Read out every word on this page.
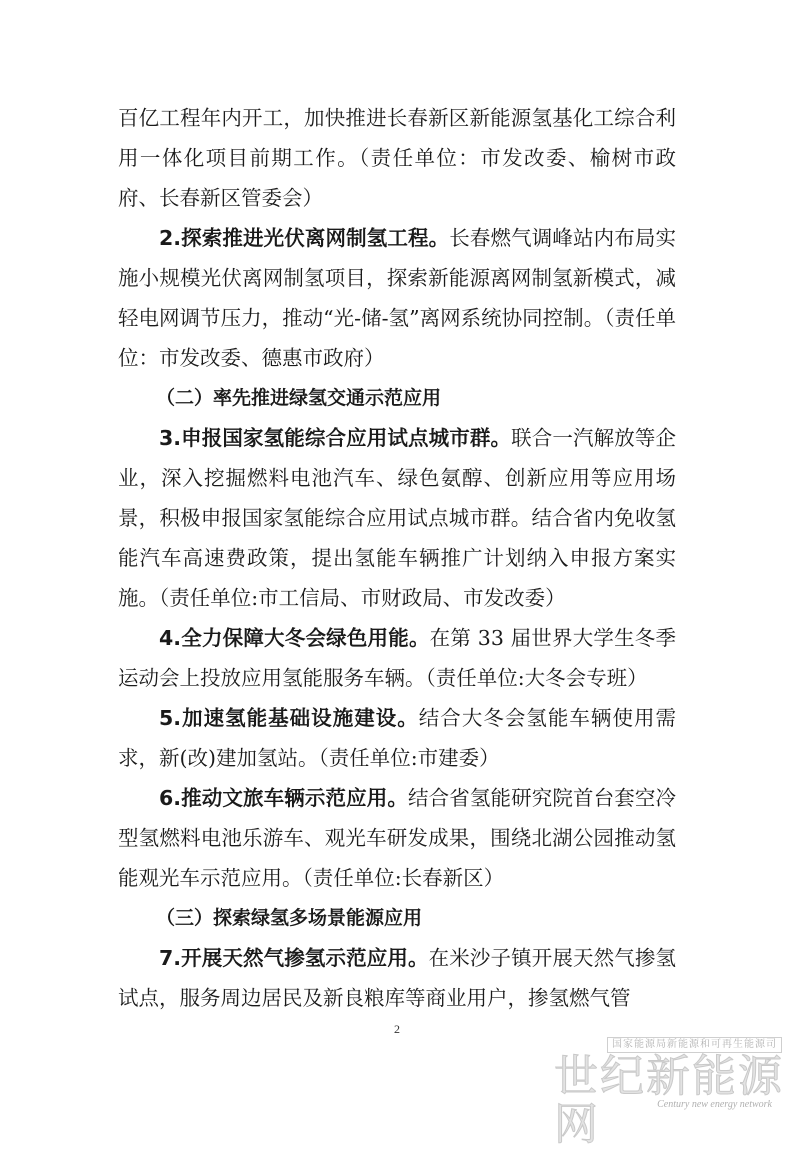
百亿工程年内开工，加快推进长春新区新能源氢基化工综合利用一体化项目前期工作。（责任单位：市发改委、榆树市政府、长春新区管委会）

2.探索推进光伏离网制氢工程。长春燃气调峰站内布局实施小规模光伏离网制氢项目，探索新能源离网制氢新模式，减轻电网调节压力，推动“光-储-氢”离网系统协同控制。（责任单位：市发改委、德惠市政府）

（二）率先推进绿氢交通示范应用

3.申报国家氢能综合应用试点城市群。联合一汽解放等企业，深入挖掘燃料电池汽车、绿色氨醇、创新应用等应用场景，积极申报国家氢能综合应用试点城市群。结合省内免收氢能汽车高速费政策，提出氢能车辆推广计划纳入申报方案实施。（责任单位:市工信局、市财政局、市发改委）

4.全力保障大冬会绿色用能。在第 33 届世界大学生冬季运动会上投放应用氢能服务车辆。（责任单位:大冬会专班）

5.加速氢能基础设施建设。结合大冬会氢能车辆使用需求，新(改)建加氢站。（责任单位:市建委）

6.推动文旅车辆示范应用。结合省氢能研究院首台套空冷型氢燃料电池乐游车、观光车研发成果，围绕北湖公园推动氢能观光车示范应用。（责任单位:长春新区）

（三）探索绿氢多场景能源应用

7.开展天然气掺氢示范应用。在米沙子镇开展天然气掺氢试点，服务周边居民及新良粮库等商业用户，掺氢燃气管

2
国家能源局新能源和可再生能源司
世纪新能源网	Century new energy network
